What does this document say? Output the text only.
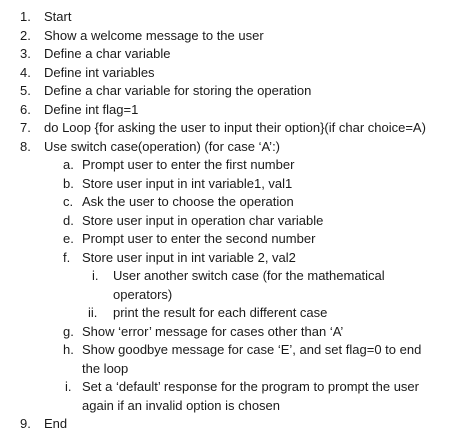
1. Start
2. Show a welcome message to the user
3. Define a char variable
4. Define int variables
5. Define a char variable for storing the operation
6. Define int flag=1
7. do Loop {for asking the user to input their option}(if char choice=A)
8. Use switch case(operation) (for case ‘A’:)
a. Prompt user to enter the first number
b. Store user input in int variable1, val1
c. Ask the user to choose the operation
d. Store user input in operation char variable
e. Prompt user to enter the second number
f. Store user input in int variable 2, val2
i. User another switch case (for the mathematical
operators)
ii. print the result for each different case
g. Show ‘error’ message for cases other than ‘A’
h. Show goodbye message for case ‘E’, and set flag=0 to end
the loop
i. Set a ‘default’ response for the program to prompt the user
again if an invalid option is chosen
9. End
